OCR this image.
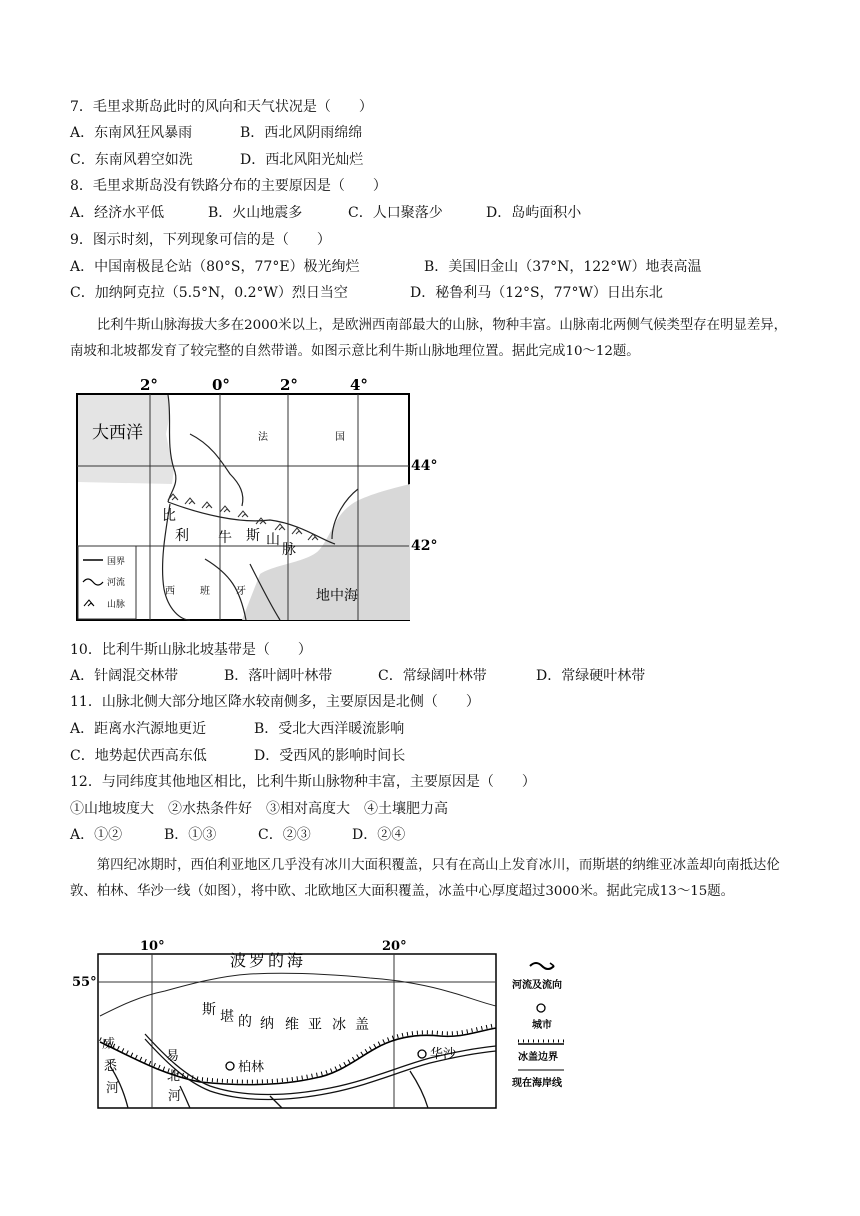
7．毛里求斯岛此时的风向和天气状况是（　　）
A．东南风狂风暴雨	B．西北风阴雨绵绵
C．东南风碧空如洗	D．西北风阳光灿烂
8．毛里求斯岛没有铁路分布的主要原因是（　　）
A．经济水平低	B．火山地震多	C．人口聚落少	D．岛屿面积小
9．图示时刻，下列现象可信的是（　　）
A．中国南极昆仑站（80°S，77°E）极光绚烂	B．美国旧金山（37°N，122°W）地表高温
C．加纳阿克拉（5.5°N，0.2°W）烈日当空	D．秘鲁利马（12°S，77°W）日出东北
比利牛斯山脉海拔大多在2000米以上，是欧洲西南部最大的山脉，物种丰富。山脉南北两侧气候类型存在明显差异，南坡和北坡都发育了较完整的自然带谱。如图示意比利牛斯山脉地理位置。据此完成10～12题。
2°	0°	2°	4°
44°
42°
大西洋	法	国
比
利 牛 斯 山
脉
西	班	牙	地中海
国界
河流
山脉
10．比利牛斯山脉北坡基带是（　　）
A．针阔混交林带	B．落叶阔叶林带	C．常绿阔叶林带	D．常绿硬叶林带
11．山脉北侧大部分地区降水较南侧多，主要原因是北侧（　　）
A．距离水汽源地更近	B．受北大西洋暖流影响
C．地势起伏西高东低	D．受西风的影响时间长
12．与同纬度其他地区相比，比利牛斯山脉物种丰富，主要原因是（　　）
①山地坡度大　②水热条件好　③相对高度大　④土壤肥力高
A．①②	B．①③	C．②③	D．②④
第四纪冰期时，西伯利亚地区几乎没有冰川大面积覆盖，只有在高山上发育冰川，而斯堪的纳维亚冰盖却向南抵达伦敦、柏林、华沙一线（如图），将中欧、北欧地区大面积覆盖，冰盖中心厚度超过3000米。据此完成13～15题。
10°	20°
55°
波罗的海
斯 堪 的 纳 维 亚 冰 盖
柏林
华沙
威
悉
河
易
北
河
河流及流向
城市
冰盖边界
现在海岸线
